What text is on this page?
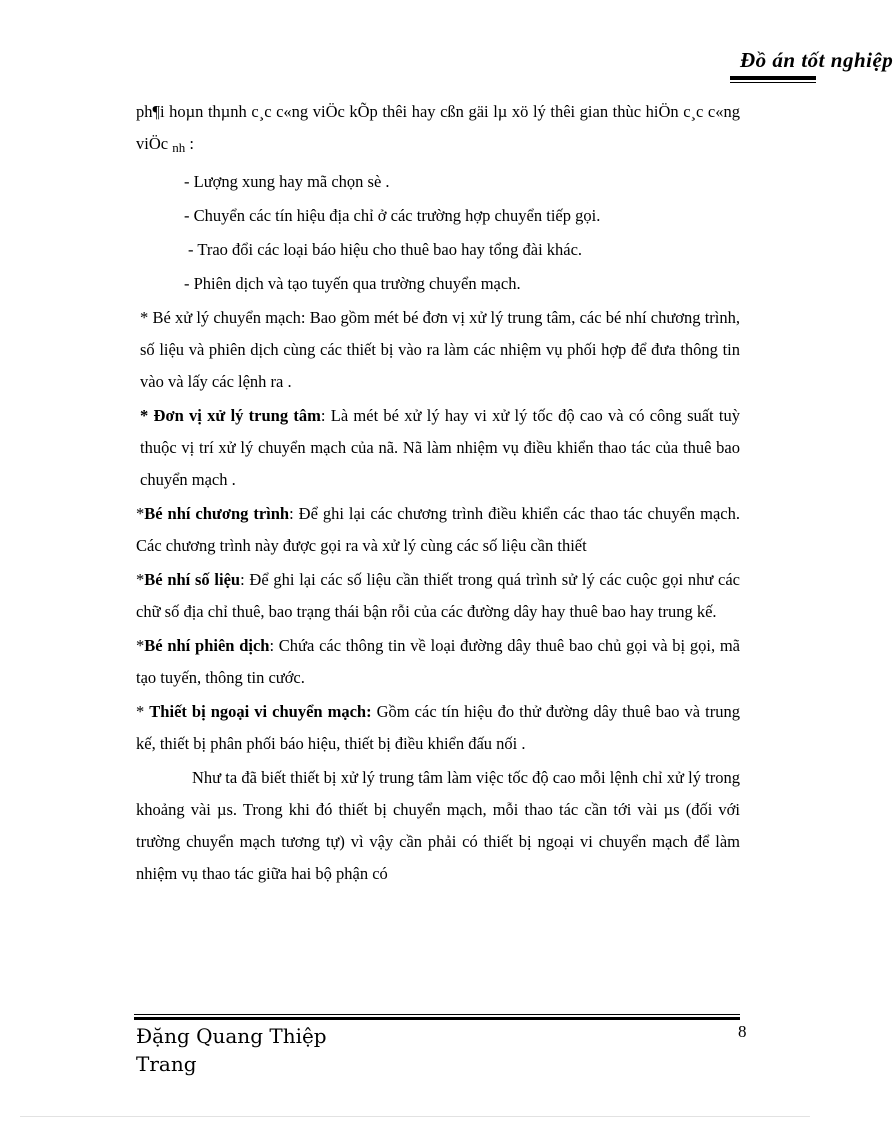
Đồ án tốt nghiệp

ph¶i hoµn thµnh c¸c c«ng viÖc kÕp thêi hay cßn gäi lµ xö lý thêi gian thùc hiÖn c¸c c«ng viÖc $_{nh}$ :

- Lượng xung hay mã chọn sè .

- Chuyển các tín hiệu địa chỉ ở các trường hợp chuyển tiếp gọi.

- Trao đổi các loại báo hiệu cho thuê bao hay tổng đài khác.

- Phiên dịch và tạo tuyến qua trường chuyển mạch.

* Bé xử lý chuyển mạch: Bao gồm mét bé đơn vị xử lý trung tâm, các bé nhí chương trình, số liệu và phiên dịch cùng các thiết bị vào ra làm các nhiệm vụ phối hợp để đưa thông tin vào và lấy các lệnh ra .

* Đơn vị xử lý trung tâm: Là mét bé xử lý hay vi xử lý tốc độ cao và có công suất tuỳ thuộc vị trí xử lý chuyển mạch của nã. Nã làm nhiệm vụ điều khiển thao tác của thuê bao chuyển mạch .

*Bé nhí chương trình: Để ghi lại các chương trình điều khiển các thao tác chuyển mạch. Các chương trình này được gọi ra và xử lý cùng các số liệu cần thiết

*Bé nhí số liệu: Để ghi lại các số liệu cần thiết trong quá trình sử lý các cuộc gọi như các chữ số địa chỉ thuê, bao trạng thái bận rỗi của các đường dây hay thuê bao hay trung kế.

*Bé nhí phiên dịch: Chứa các thông tin về loại đường dây thuê bao chủ gọi và bị gọi, mã tạo tuyến, thông tin cước.

* Thiết bị ngoại vi chuyển mạch: Gồm các tín hiệu đo thử đường dây thuê bao và trung kế, thiết bị phân phối báo hiệu, thiết bị điều khiển đấu nối .

Như ta đã biết thiết bị xử lý trung tâm làm việc tốc độ cao mỗi lệnh chỉ xử lý trong khoảng vài µs. Trong khi đó thiết bị chuyển mạch, mỗi thao tác cần tới vài µs (đối với trường chuyển mạch tương tự) vì vậy cần phải có thiết bị ngoại vi chuyển mạch để làm nhiệm vụ thao tác giữa hai bộ phận có

Đặng Quang Thiệp
Trang
8
